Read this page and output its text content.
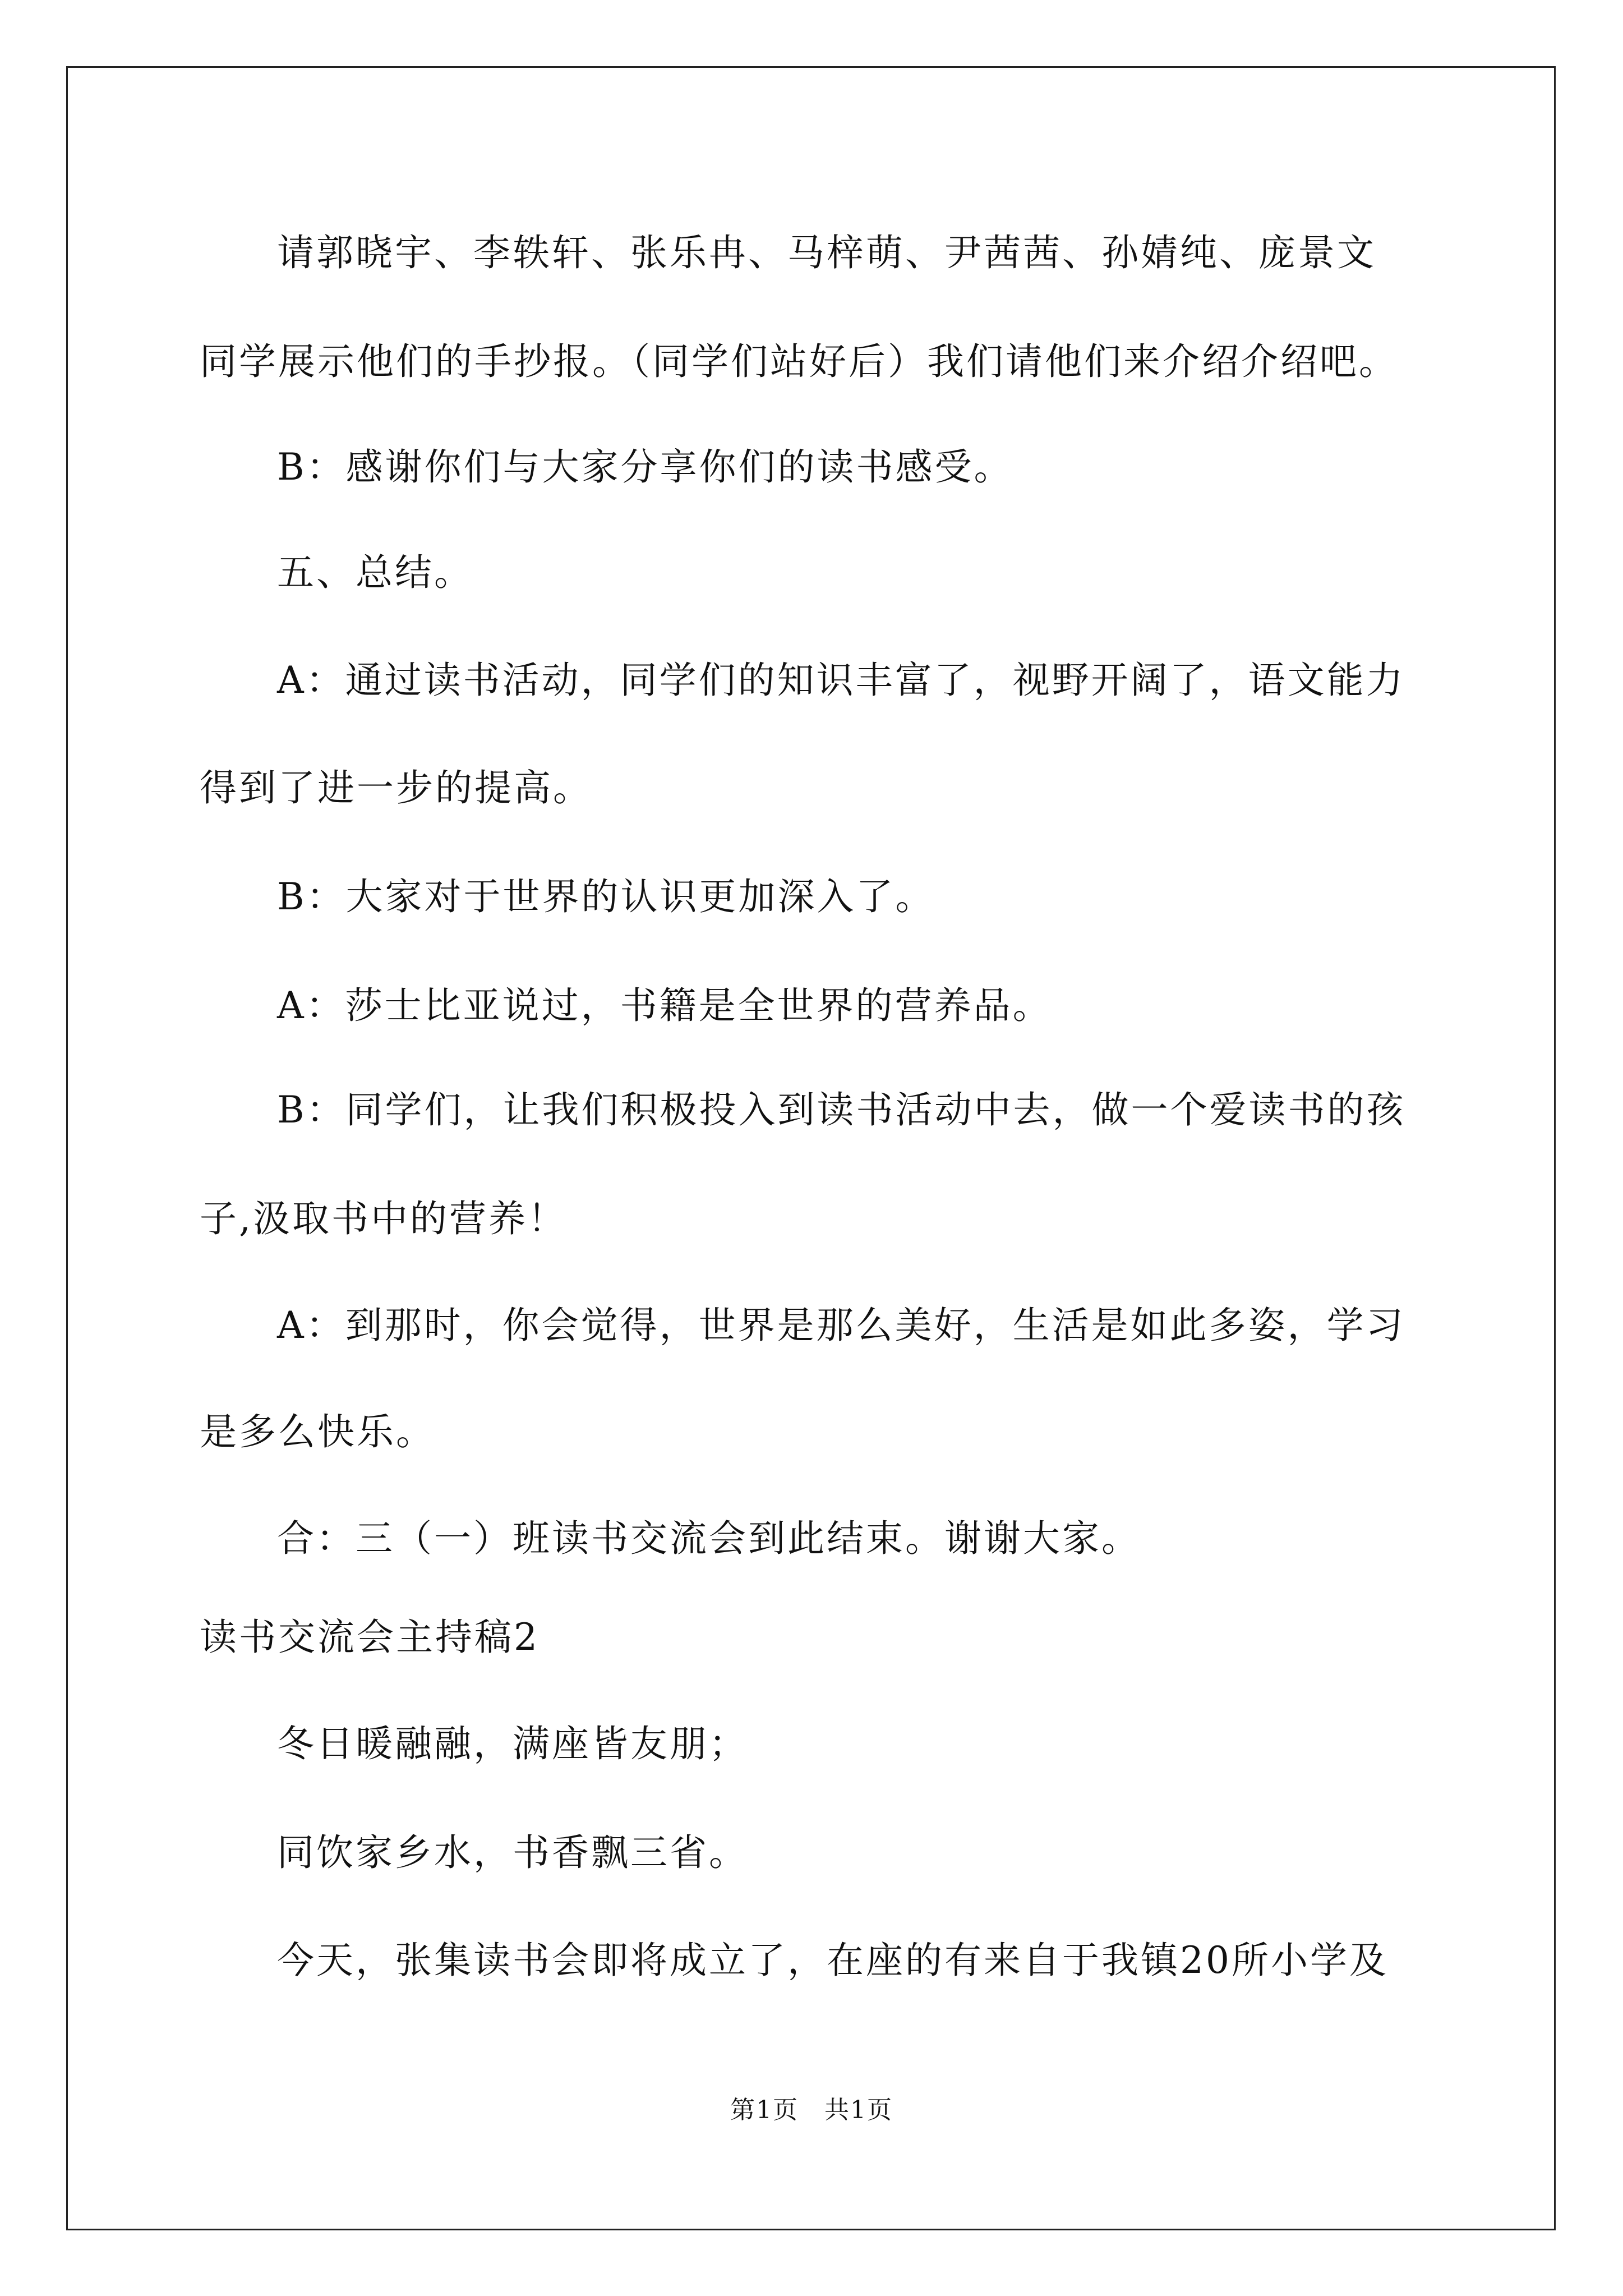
请郭晓宇、李轶轩、张乐冉、马梓萌、尹茜茜、孙婧纯、庞景文
同学展示他们的手抄报。（同学们站好后）我们请他们来介绍介绍吧。
B：感谢你们与大家分享你们的读书感受。
五、总结。
A：通过读书活动，同学们的知识丰富了，视野开阔了，语文能力
得到了进一步的提高。
B：大家对于世界的认识更加深入了。
A：莎士比亚说过，书籍是全世界的营养品。
B：同学们，让我们积极投入到读书活动中去，做一个爱读书的孩
子,汲取书中的营养！
A：到那时，你会觉得，世界是那么美好，生活是如此多姿，学习
是多么快乐。
合：三（一）班读书交流会到此结束。谢谢大家。
读书交流会主持稿2
冬日暖融融，满座皆友朋；
同饮家乡水，书香飘三省。
今天，张集读书会即将成立了，在座的有来自于我镇20所小学及
第1页　共1页
